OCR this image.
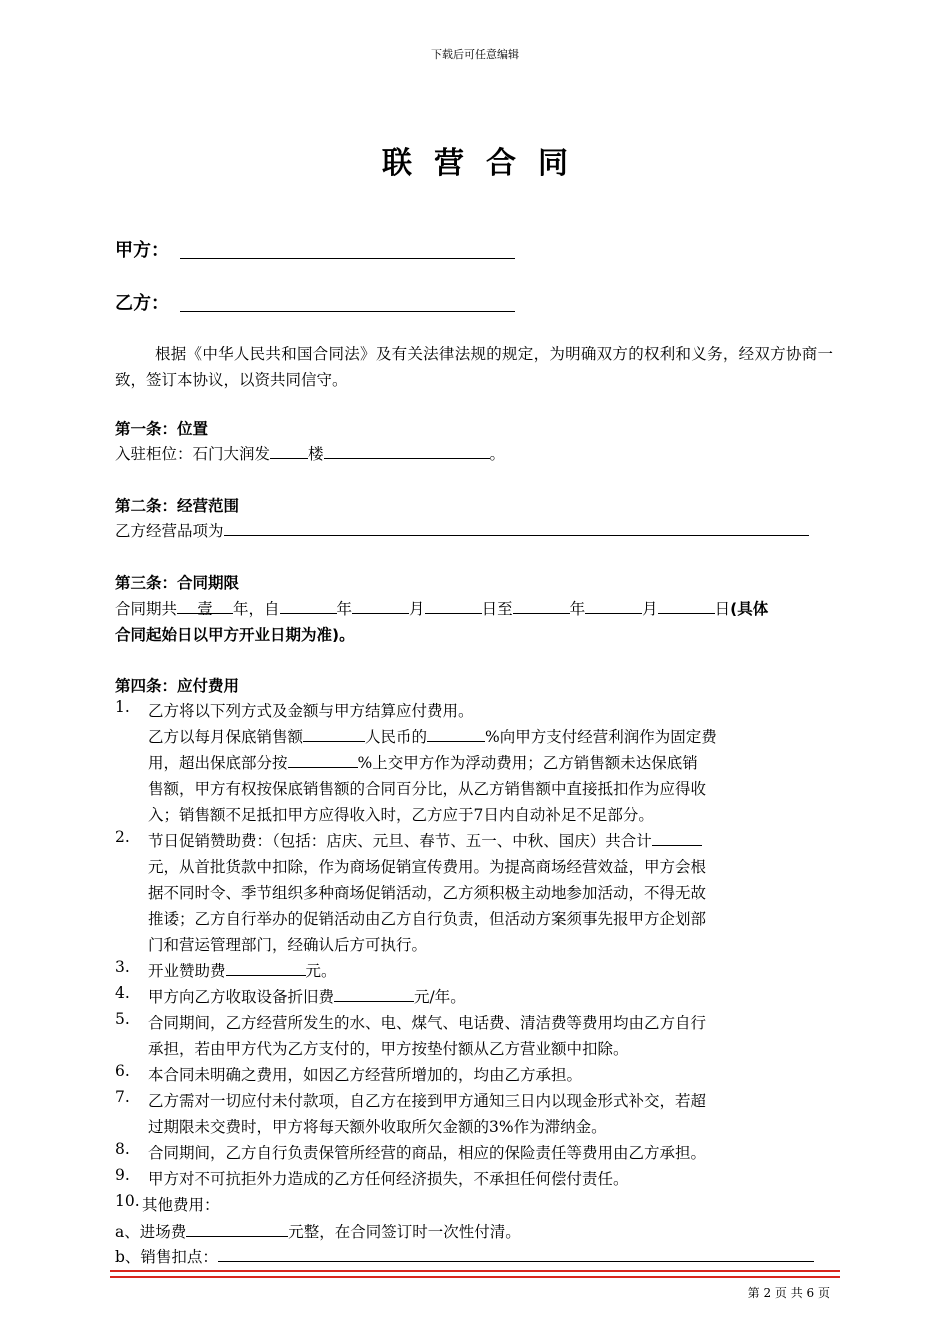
下载后可任意编辑
联营合同
甲方：
乙方：
根据《中华人民共和国合同法》及有关法律法规的规定，为明确双方的权利和义务，经双方协商一致，签订本协议，以资共同信守。
第一条：位置
入驻柜位：石门大润发 楼	。
第二条：经营范围
乙方经营品项为
第三条：合同期限
合同期共 壹 年，自	年	月	日至	年	月	日(具体
合同起始日以甲方开业日期为准)。
第四条：应付费用
1. 乙方将以下列方式及金额与甲方结算应付费用。
乙方以每月保底销售额	人民币的	%向甲方支付经营利润作为固定费
用，超出保底部分按	%上交甲方作为浮动费用；乙方销售额未达保底销
售额，甲方有权按保底销售额的合同百分比，从乙方销售额中直接抵扣作为应得收
入；销售额不足抵扣甲方应得收入时，乙方应于7日内自动补足不足部分。
2. 节日促销赞助费：（包括：店庆、元旦、春节、五一、中秋、国庆）共合计
元，从首批货款中扣除，作为商场促销宣传费用。为提高商场经营效益，甲方会根
据不同时令、季节组织多种商场促销活动，乙方须积极主动地参加活动，不得无故
推诿；乙方自行举办的促销活动由乙方自行负责，但活动方案须事先报甲方企划部
门和营运管理部门，经确认后方可执行。
3. 开业赞助费	元。
4. 甲方向乙方收取设备折旧费	元/年。
5. 合同期间，乙方经营所发生的水、电、煤气、电话费、清洁费等费用均由乙方自行
承担，若由甲方代为乙方支付的，甲方按垫付额从乙方营业额中扣除。
6. 本合同未明确之费用，如因乙方经营所增加的，均由乙方承担。
7. 乙方需对一切应付未付款项，自乙方在接到甲方通知三日内以现金形式补交，若超
过期限未交费时，甲方将每天额外收取所欠金额的3%作为滞纳金。
8. 合同期间，乙方自行负责保管所经营的商品，相应的保险责任等费用由乙方承担。
9. 甲方对不可抗拒外力造成的乙方任何经济损失，不承担任何偿付责任。
10. 其他费用：
a、进场费	元整，在合同签订时一次性付清。
b、销售扣点：
第 2 页 共 6 页
